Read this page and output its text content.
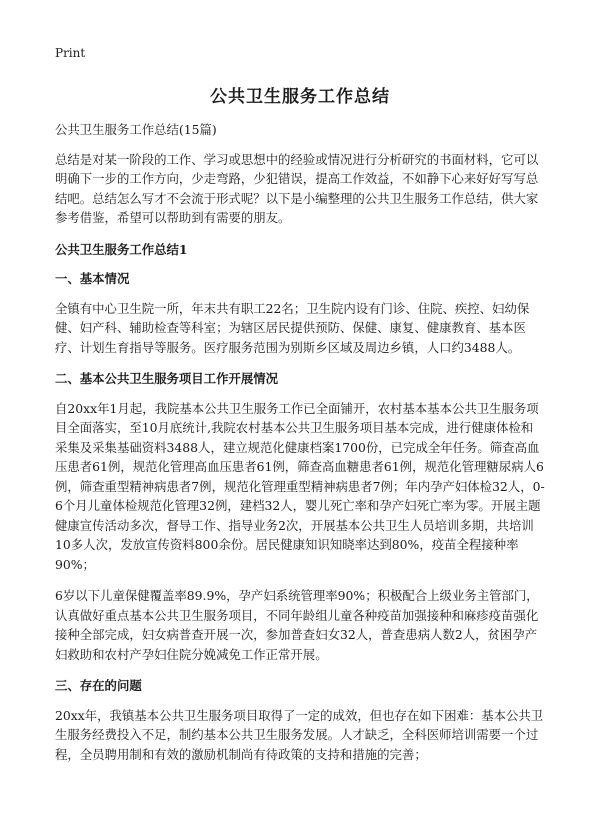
Print
公共卫生服务工作总结

公共卫生服务工作总结(15篇)

总结是对某一阶段的工作、学习或思想中的经验或情况进行分析研究的书面材料，它可以明确下一步的工作方向，少走弯路，少犯错误，提高工作效益，不如静下心来好好写写总结吧。总结怎么写才不会流于形式呢？以下是小编整理的公共卫生服务工作总结，供大家参考借鉴，希望可以帮助到有需要的朋友。

公共卫生服务工作总结1

一、基本情况

全镇有中心卫生院一所，年末共有职工22名；卫生院内设有门诊、住院、疾控、妇幼保健、妇产科、辅助检查等科室；为辖区居民提供预防、保健、康复、健康教育、基本医疗、计划生育指导等服务。医疗服务范围为别斯乡区域及周边乡镇，人口约3488人。

二、基本公共卫生服务项目工作开展情况

自20xx年1月起，我院基本公共卫生服务工作已全面铺开，农村基本基本公共卫生服务项目全面落实，至10月底统计,我院农村基本公共卫生服务项目基本完成，进行健康体检和采集及采集基础资料3488人，建立规范化健康档案1700份，已完成全年任务。筛查高血压患者61例，规范化管理高血压患者61例，筛查高血糖患者61例，规范化管理糖尿病人6例，筛查重型精神病患者7例，规范化管理重型精神病患者7例；年内孕产妇体检32人，0-6个月儿童体检规范化管理32例，建档32人，婴儿死亡率和孕产妇死亡率为零。开展主题健康宣传活动多次，督导工作、指导业务2次，开展基本公共卫生人员培训多期，共培训10多人次，发放宣传资料800余份。居民健康知识知晓率达到80%，疫苗全程接种率90%；

6岁以下儿童保健覆盖率89.9%，孕产妇系统管理率90%；积极配合上级业务主管部门，认真做好重点基本公共卫生服务项目，不同年龄组儿童各种疫苗加强接种和麻疹疫苗强化接种全部完成，妇女病普查开展一次，参加普查妇女32人，普查患病人数2人，贫困孕产妇救助和农村产孕妇住院分娩减免工作正常开展。

三、存在的问题

20xx年，我镇基本公共卫生服务项目取得了一定的成效，但也存在如下困难：基本公共卫生服务经费投入不足，制约基本公共卫生服务发展。人才缺乏，全科医师培训需要一个过程，全员聘用制和有效的激励机制尚有待政策的支持和措施的完善；
